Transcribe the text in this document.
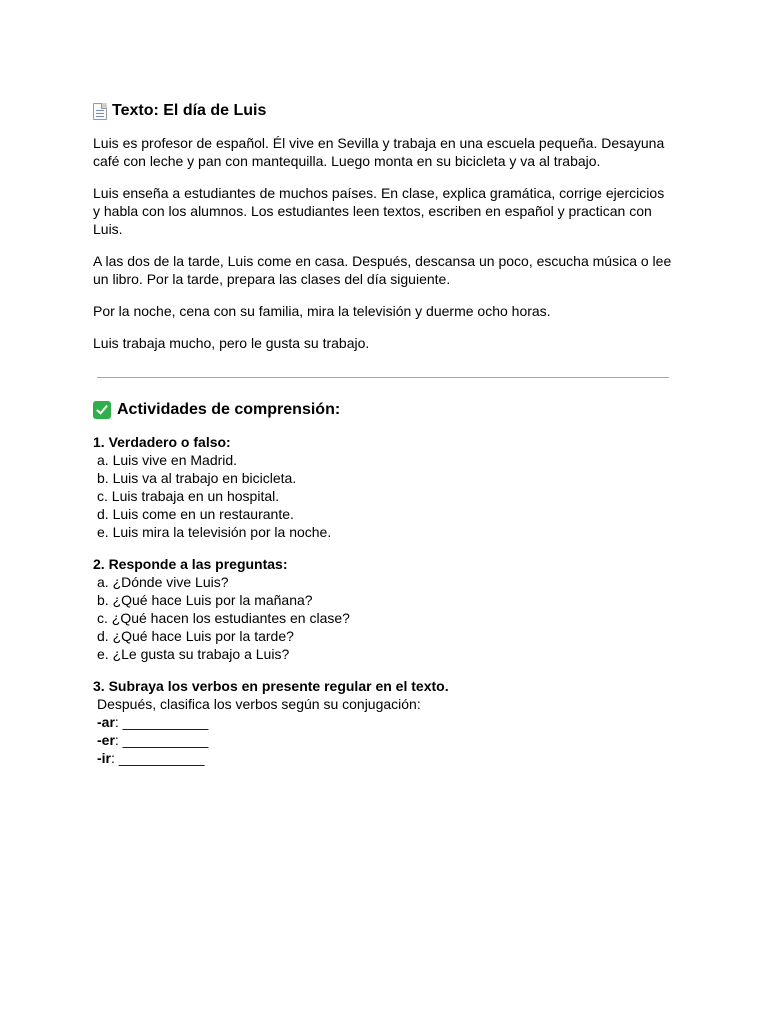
Texto: El día de Luis

Luis es profesor de español. Él vive en Sevilla y trabaja en una escuela pequeña. Desayuna café con leche y pan con mantequilla. Luego monta en su bicicleta y va al trabajo.

Luis enseña a estudiantes de muchos países. En clase, explica gramática, corrige ejercicios y habla con los alumnos. Los estudiantes leen textos, escriben en español y practican con Luis.

A las dos de la tarde, Luis come en casa. Después, descansa un poco, escucha música o lee un libro. Por la tarde, prepara las clases del día siguiente.

Por la noche, cena con su familia, mira la televisión y duerme ocho horas.

Luis trabaja mucho, pero le gusta su trabajo.

Actividades de comprensión:
1. Verdadero o falso:
a. Luis vive en Madrid.
b. Luis va al trabajo en bicicleta.
c. Luis trabaja en un hospital.
d. Luis come en un restaurante.
e. Luis mira la televisión por la noche.
2. Responde a las preguntas:
a. ¿Dónde vive Luis?
b. ¿Qué hace Luis por la mañana?
c. ¿Qué hacen los estudiantes en clase?
d. ¿Qué hace Luis por la tarde?
e. ¿Le gusta su trabajo a Luis?
3. Subraya los verbos en presente regular en el texto.
Después, clasifica los verbos según su conjugación:
-ar: ___________
-er: ___________
-ir: ___________
